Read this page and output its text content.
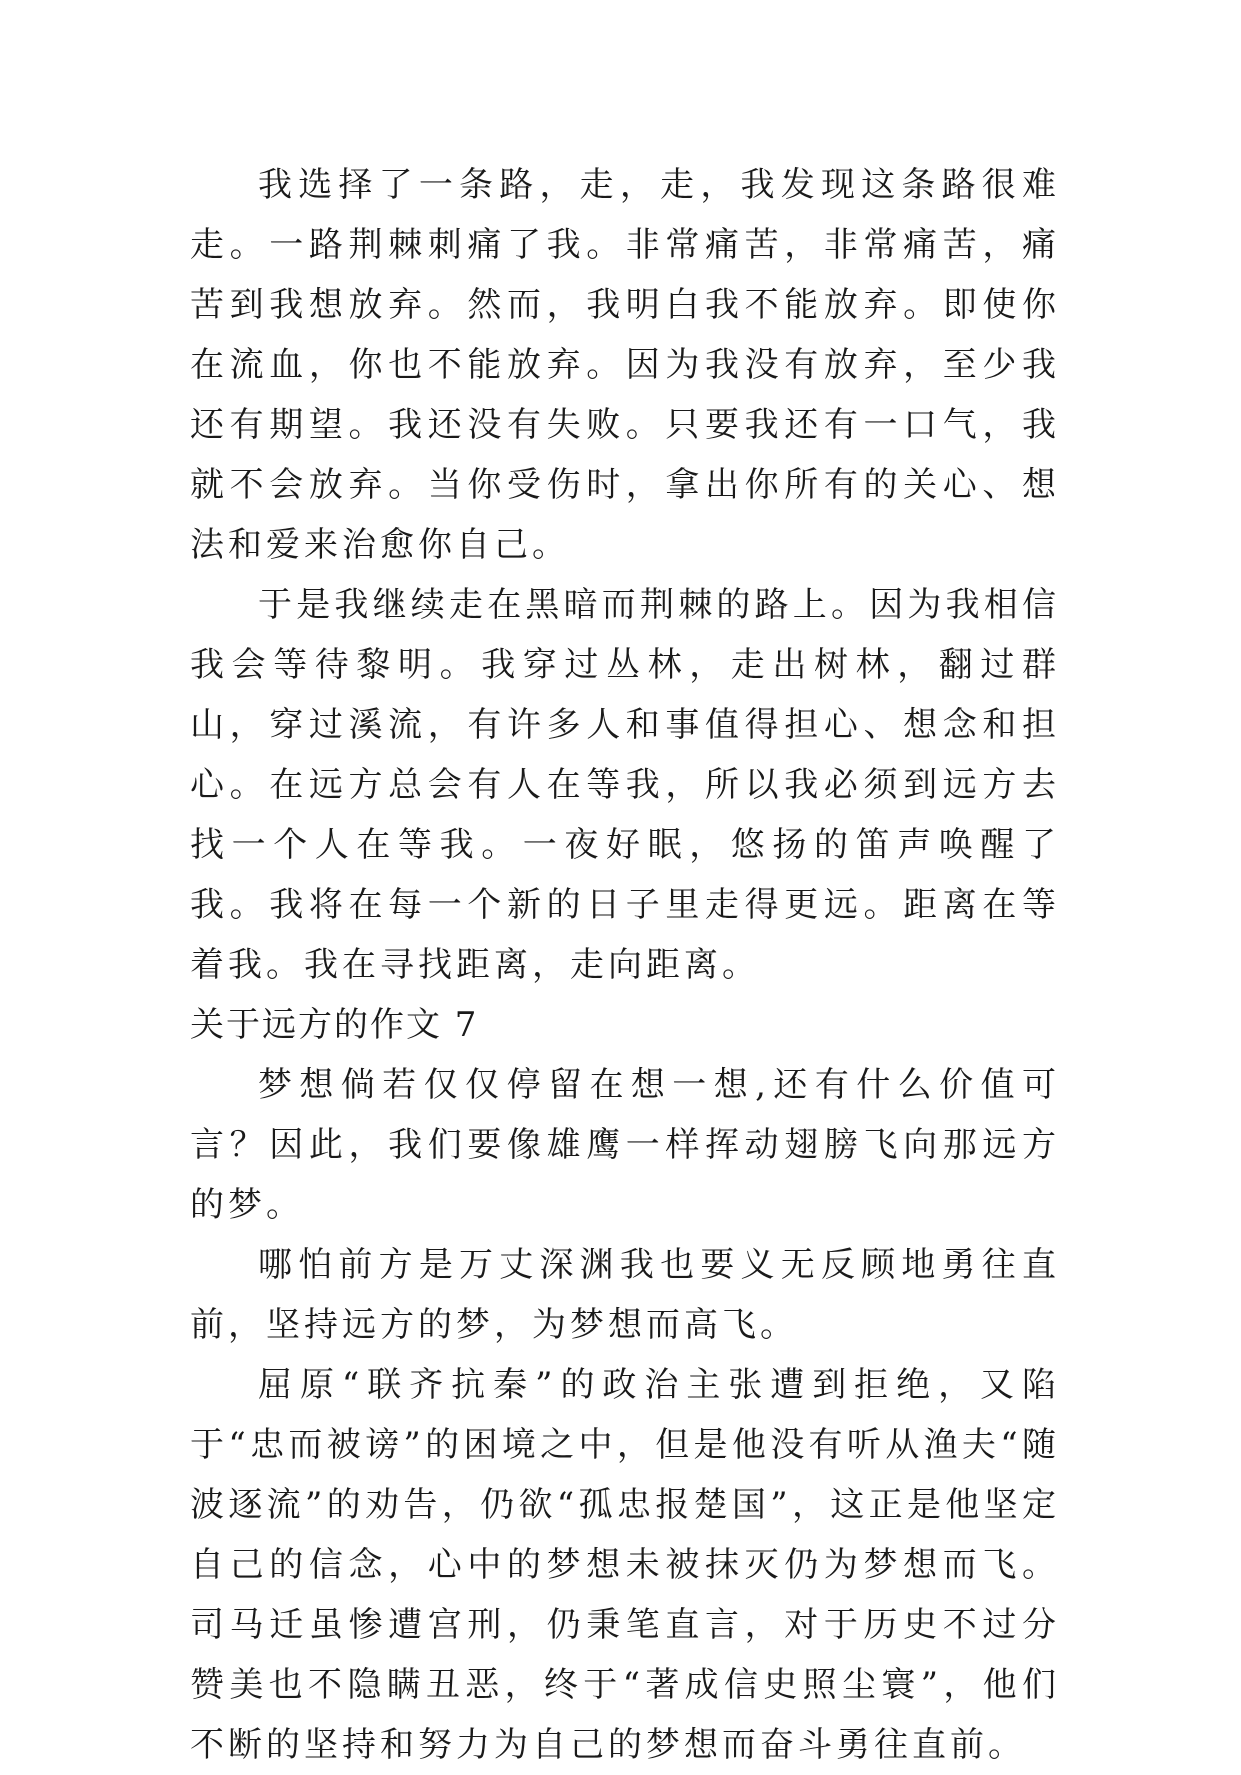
我选择了一条路，走，走，我发现这条路很难走。一路荆棘刺痛了我。非常痛苦，非常痛苦，痛苦到我想放弃。然而，我明白我不能放弃。即使你在流血，你也不能放弃。因为我没有放弃，至少我还有期望。我还没有失败。只要我还有一口气，我就不会放弃。当你受伤时，拿出你所有的关心、想法和爱来治愈你自己。

于是我继续走在黑暗而荆棘的路上。因为我相信我会等待黎明。我穿过丛林，走出树林，翻过群山，穿过溪流，有许多人和事值得担心、想念和担心。在远方总会有人在等我，所以我必须到远方去找一个人在等我。一夜好眠，悠扬的笛声唤醒了我。我将在每一个新的日子里走得更远。距离在等着我。我在寻找距离，走向距离。

关于远方的作文 7

梦想倘若仅仅停留在想一想,还有什么价值可言？因此，我们要像雄鹰一样挥动翅膀飞向那远方的梦。

哪怕前方是万丈深渊我也要义无反顾地勇往直前，坚持远方的梦，为梦想而高飞。

屈原“联齐抗秦”的政治主张遭到拒绝，又陷于“忠而被谤”的困境之中，但是他没有听从渔夫“随波逐流”的劝告，仍欲“孤忠报楚国”，这正是他坚定自己的信念，心中的梦想未被抹灭仍为梦想而飞。司马迁虽惨遭宫刑，仍秉笔直言，对于历史不过分赞美也不隐瞒丑恶，终于“著成信史照尘寰”，他们不断的坚持和努力为自己的梦想而奋斗勇往直前。
